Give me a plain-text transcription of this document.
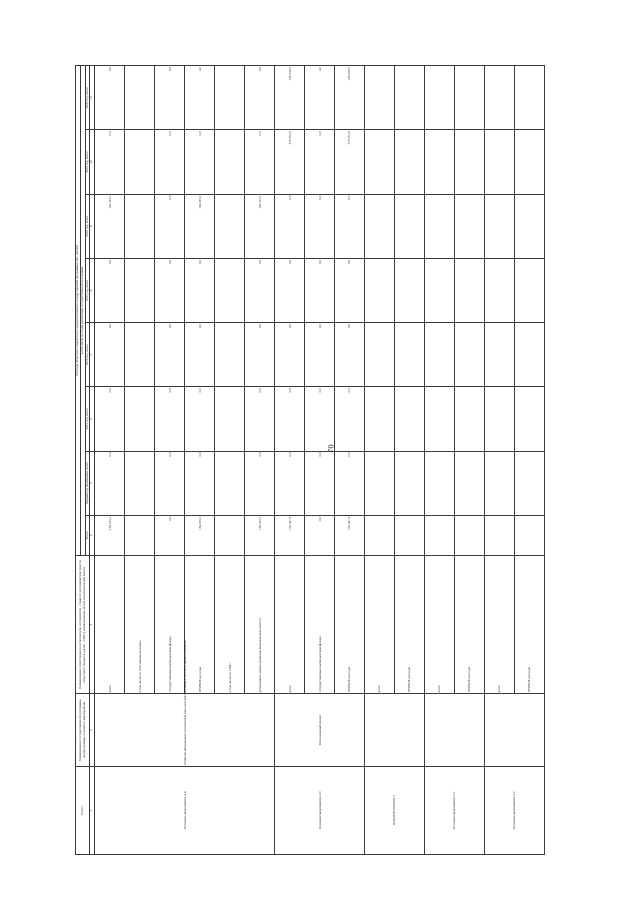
70
Статус	Наименование государственной программы, подпрограммы, основного мероприятия	Наименование ответственного исполнителя, исполнителя - главного распорядителя средств областного бюджета (далее - ГРБС), наименование органа исполнительной власти	Расходы областного бюджета по годам реализации государственной программы, тыс. рублей							
			в том числе по годам реализации государственной программы							
			Всего	Первый год реализации, всего	2015 год, всего	2016 год, всего	2017 год, всего	2018 год, всего	2019 год, всего	2020 год, всего
1	2	3	4	5	6	7	8	9	10	11
Основное мероприятие 4.8	Развитие материально-технической базы детской больницы и детского здравоохранения	всего	184 225,1	0,0	0,0	0,0	0,0	184 225,1	0,0	0,0
		в том числе по источникам расходов:								
		государственные внебюджетные фонды	0,0	0,0	0,0	0,0	0,0	0,0	0,0	0,0
		ПРОЧИЕ расходы	184 225,1	0,0	0,0	0,0	0,0	184 225,1	0,0	0,0
		в том числе по ГРБС:								
		департамент здравоохранения Воронежской области	184 225,1	0,0	0,0	0,0	0,0	184 225,1	0,0	0,0
Основное мероприятие 4.9	Региональный проект	всего	732 307,5	0,0	0,0	0,0	0,0	0,0	278 251,8	339 450,5
		государственные внебюджетные фонды	0,0	0,0	0,0	0,0	0,0	0,0	0,0	0,0
		ПРОЧИЕ расходы	732 307,5	0,0	0,0	0,0	0,0	0,0	278 251,8	339 450,5
ПОДПРОГРАММА 5		всего								
		ПРОЧИЕ расходы								
Основное мероприятие 5.1		всего								
		ПРОЧИЕ расходы								
Основное мероприятие 5.2		всего								
		ПРОЧИЕ расходы								
